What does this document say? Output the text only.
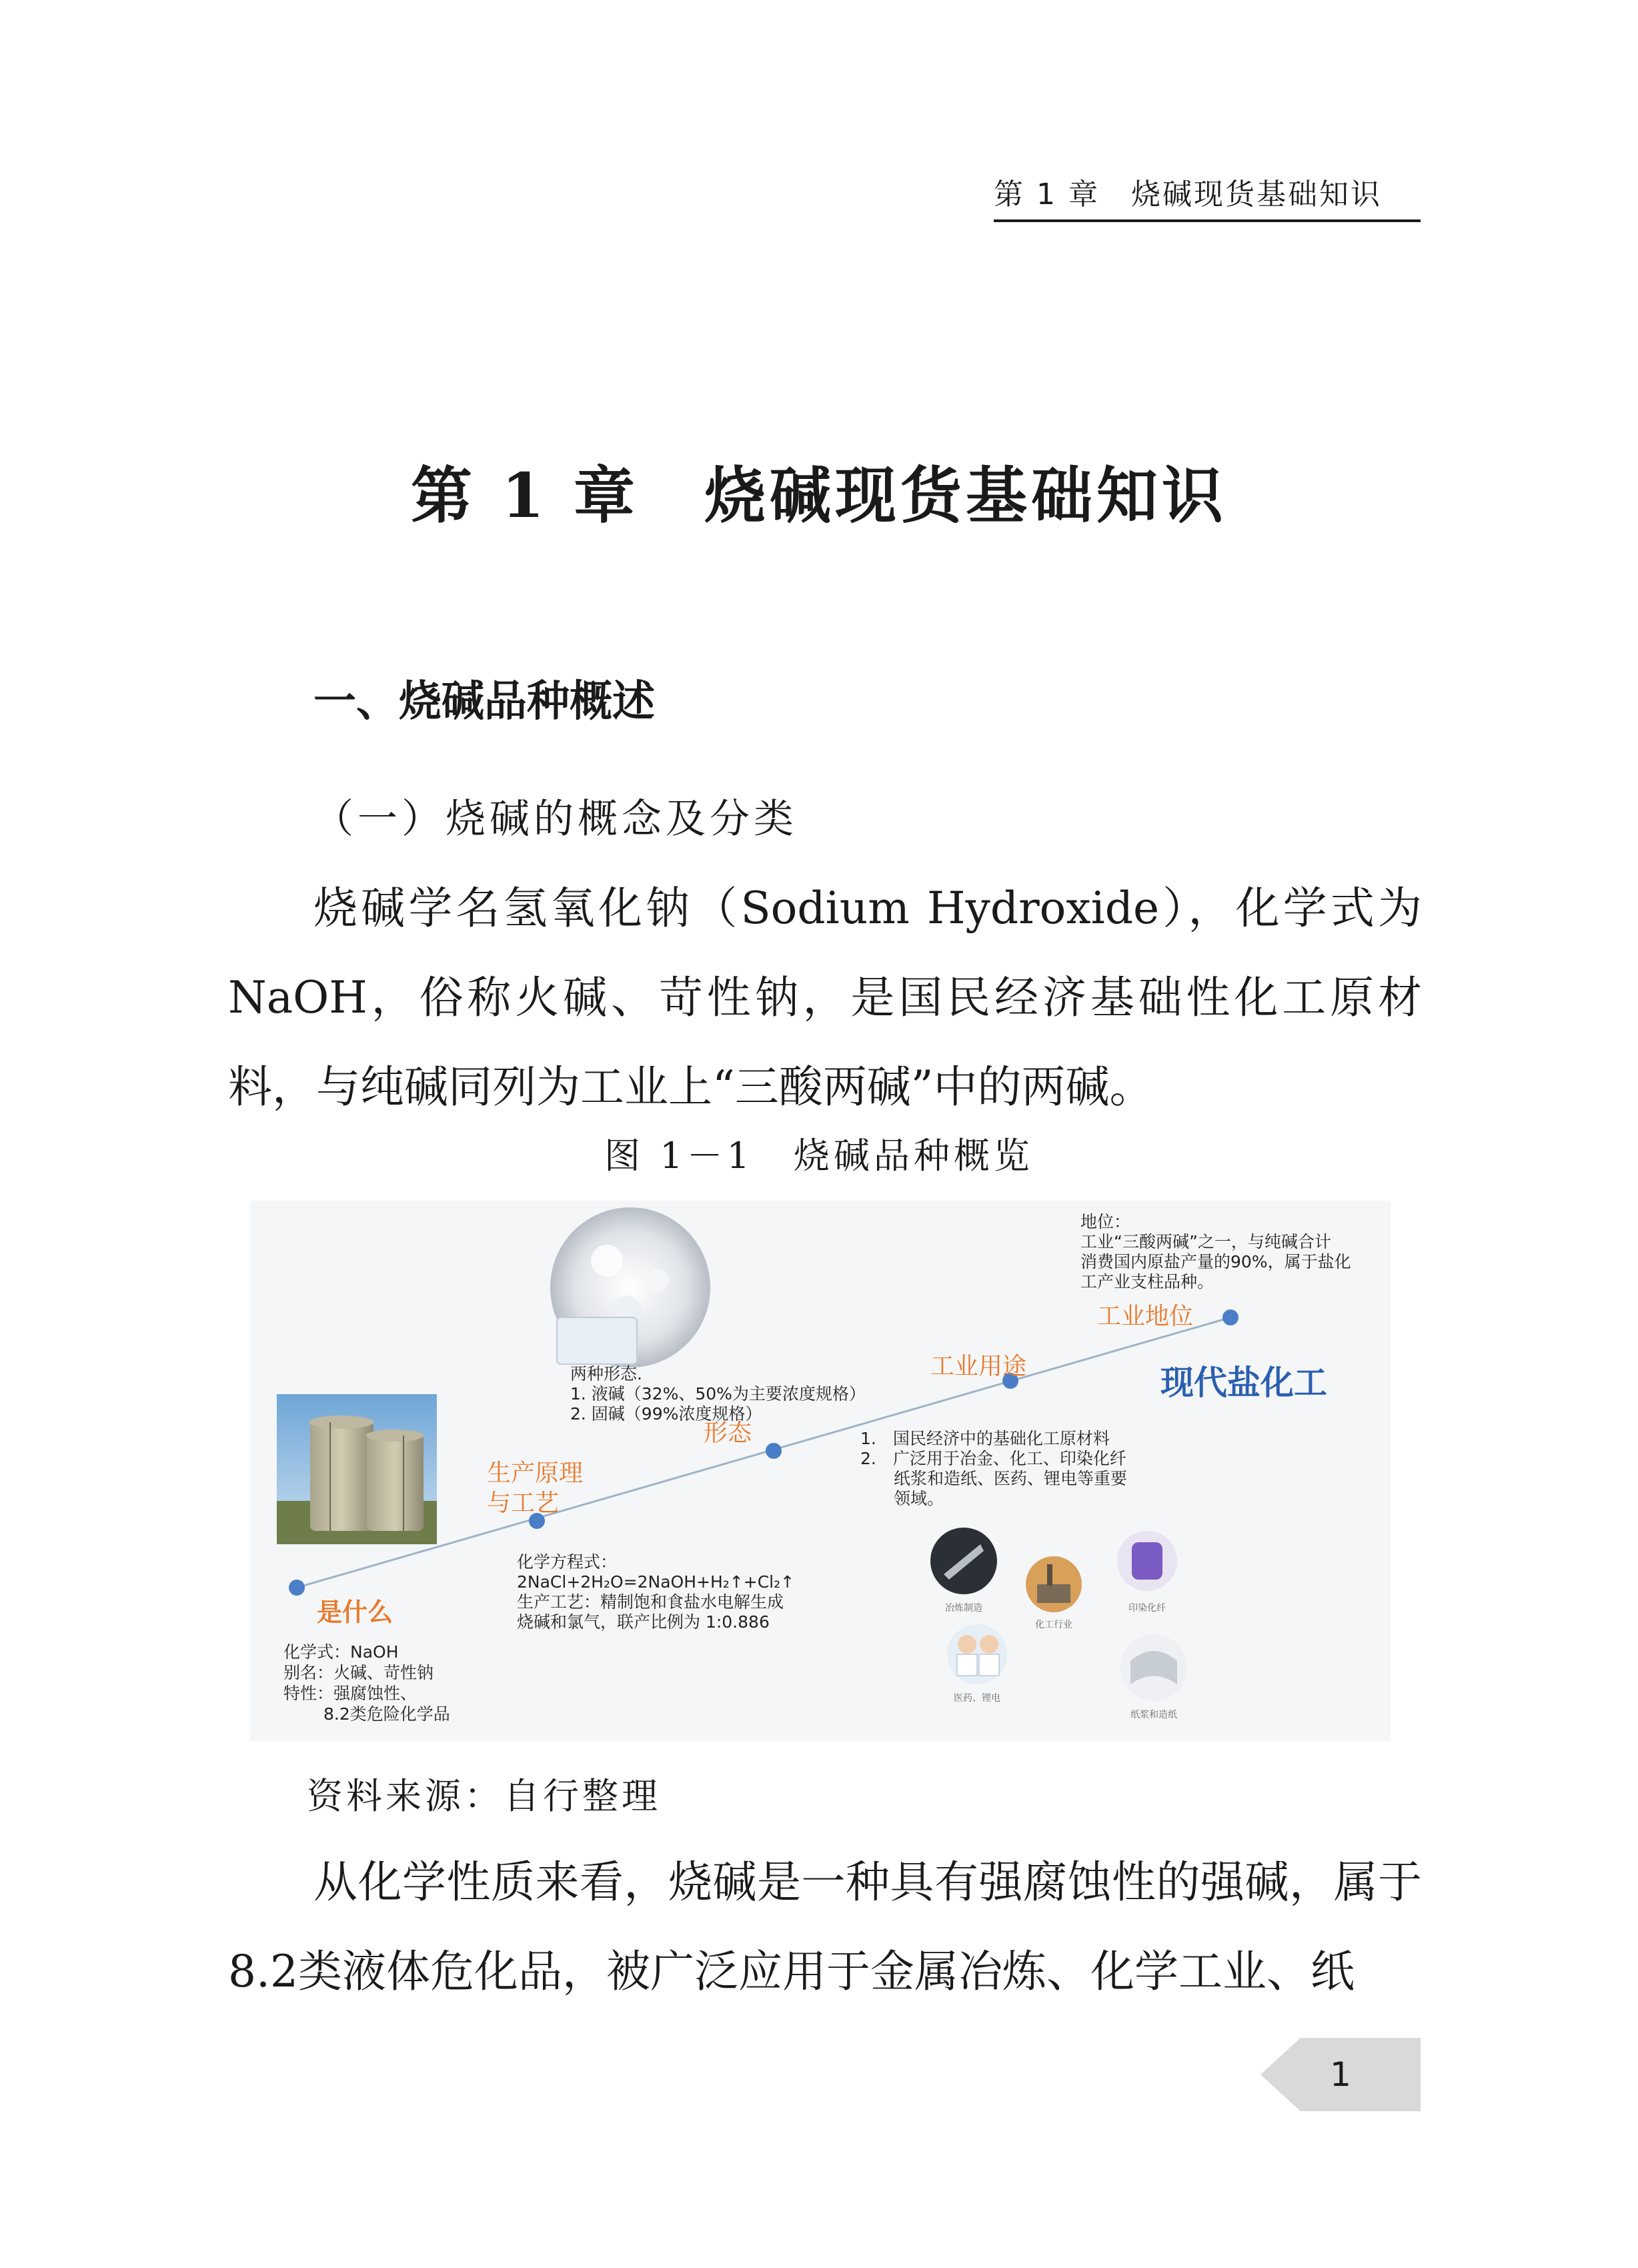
第 1 章　烧碱现货基础知识
第 1 章　烧碱现货基础知识
一、烧碱品种概述
（一）烧碱的概念及分类

烧碱学名氢氧化钠（Sodium Hydroxide），化学式为NaOH，俗称火碱、苛性钠，是国民经济基础性化工原材料，与纯碱同列为工业上“三酸两碱”中的两碱。

图 1－1　烧碱品种概览
是什么
化学式：NaOH 别名：火碱、苛性钠 特性：强腐蚀性、 8.2类危险化学品
生产原理
与工艺
化学方程式： 2NaCl+2H₂O=2NaOH+H₂↑+Cl₂↑ 生产工艺：精制饱和食盐水电解生成 烧碱和氯气，联产比例为 1:0.886
形态
两种形态. 1. 液碱（32%、50%为主要浓度规格） 2. 固碱（99%浓度规格）
工业用途
1.　国民经济中的基础化工原材料 2.　广泛用于冶金、化工、印染化纤 　　纸浆和造纸、医药、锂电等重要 　　领域。
工业地位
地位： 工业“三酸两碱”之一，与纯碱合计 消费国内原盐产量的90%，属于盐化 工产业支柱品种。
现代盐化工
冶炼制造
化工行业
印染化纤
医药、锂电
纸浆和造纸
资料来源：自行整理

从化学性质来看，烧碱是一种具有强腐蚀性的强碱，属于8.2类液体危化品，被广泛应用于金属冶炼、化学工业、纸

1
